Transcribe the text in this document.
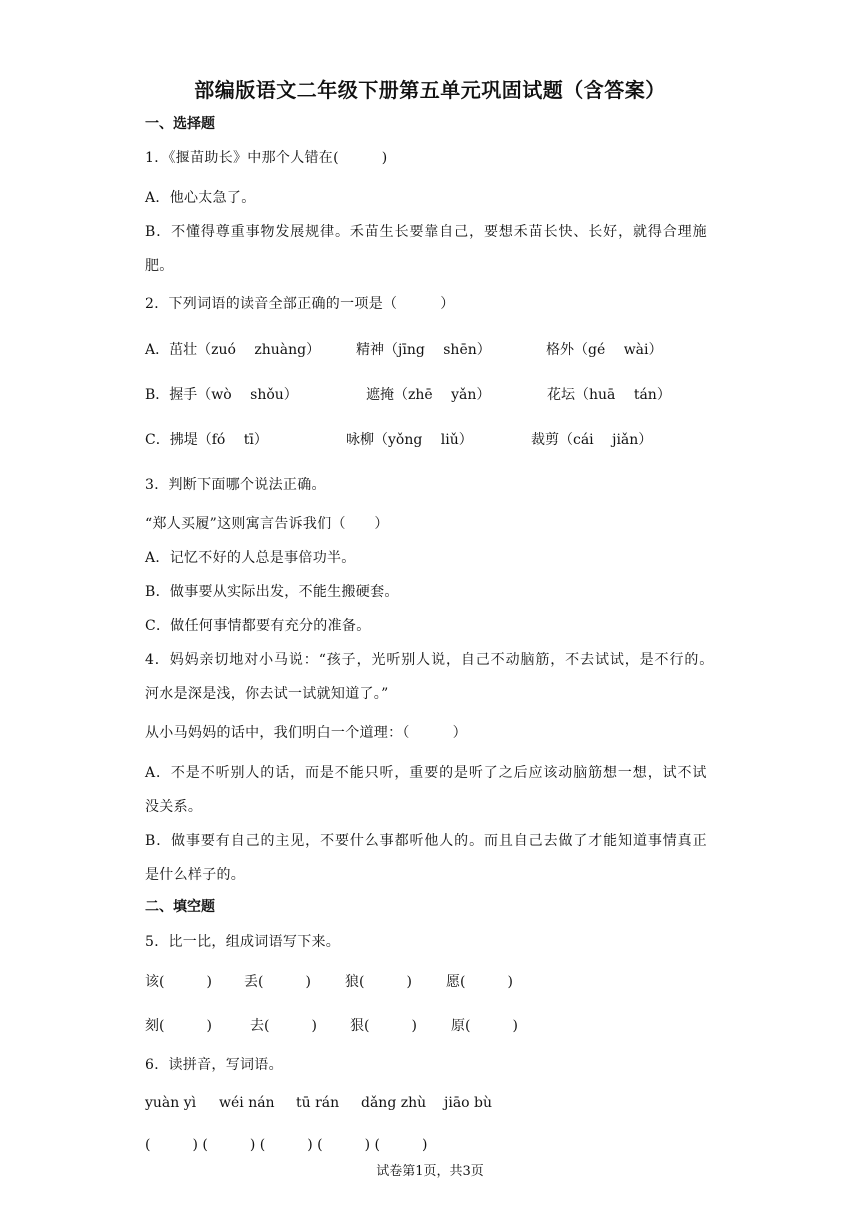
部编版语文二年级下册第五单元巩固试题（含答案）
一、选择题
1．《揠苗助长》中那个人错在(　　　)
A．他心太急了。
B．不懂得尊重事物发展规律。禾苗生长要靠自己，要想禾苗长快、长好，就得合理施
肥。
2．下列词语的读音全部正确的一项是（　　　）
A．茁壮（zuó　 zhuàng）	精神（jīng　 shēn）	格外（gé　 wài）
B．握手（wò　 shǒu）	遮掩（zhē　 yǎn）	花坛（huā　 tán）
C．拂堤（fó　 tī）	咏柳（yǒng　 liǔ）	裁剪（cái　 jiǎn）
3．判断下面哪个说法正确。
“郑人买履”这则寓言告诉我们（　　）
A．记忆不好的人总是事倍功半。
B．做事要从实际出发，不能生搬硬套。
C．做任何事情都要有充分的准备。
4．妈妈亲切地对小马说：“孩子，光听别人说，自己不动脑筋，不去试试，是不行的。
河水是深是浅，你去试一试就知道了。”
从小马妈妈的话中，我们明白一个道理：（　　　）
A．不是不听别人的话，而是不能只听，重要的是听了之后应该动脑筋想一想，试不试
没关系。
B．做事要有自己的主见，不要什么事都听他人的。而且自己去做了才能知道事情真正
是什么样子的。
二、填空题
5．比一比，组成词语写下来。
该(　　　) 丢(　　　) 狼(　　　) 愿(　　　)
刻(　　　)	去(　　　) 狠(　　　) 原(　　　)
6．读拼音，写词语。
yuàn yì wéi nán tū rán dǎng zhù jiāo bù
(　　　) (　　　) (　　　) (　　　) (　　　)
试卷第1页，共3页
